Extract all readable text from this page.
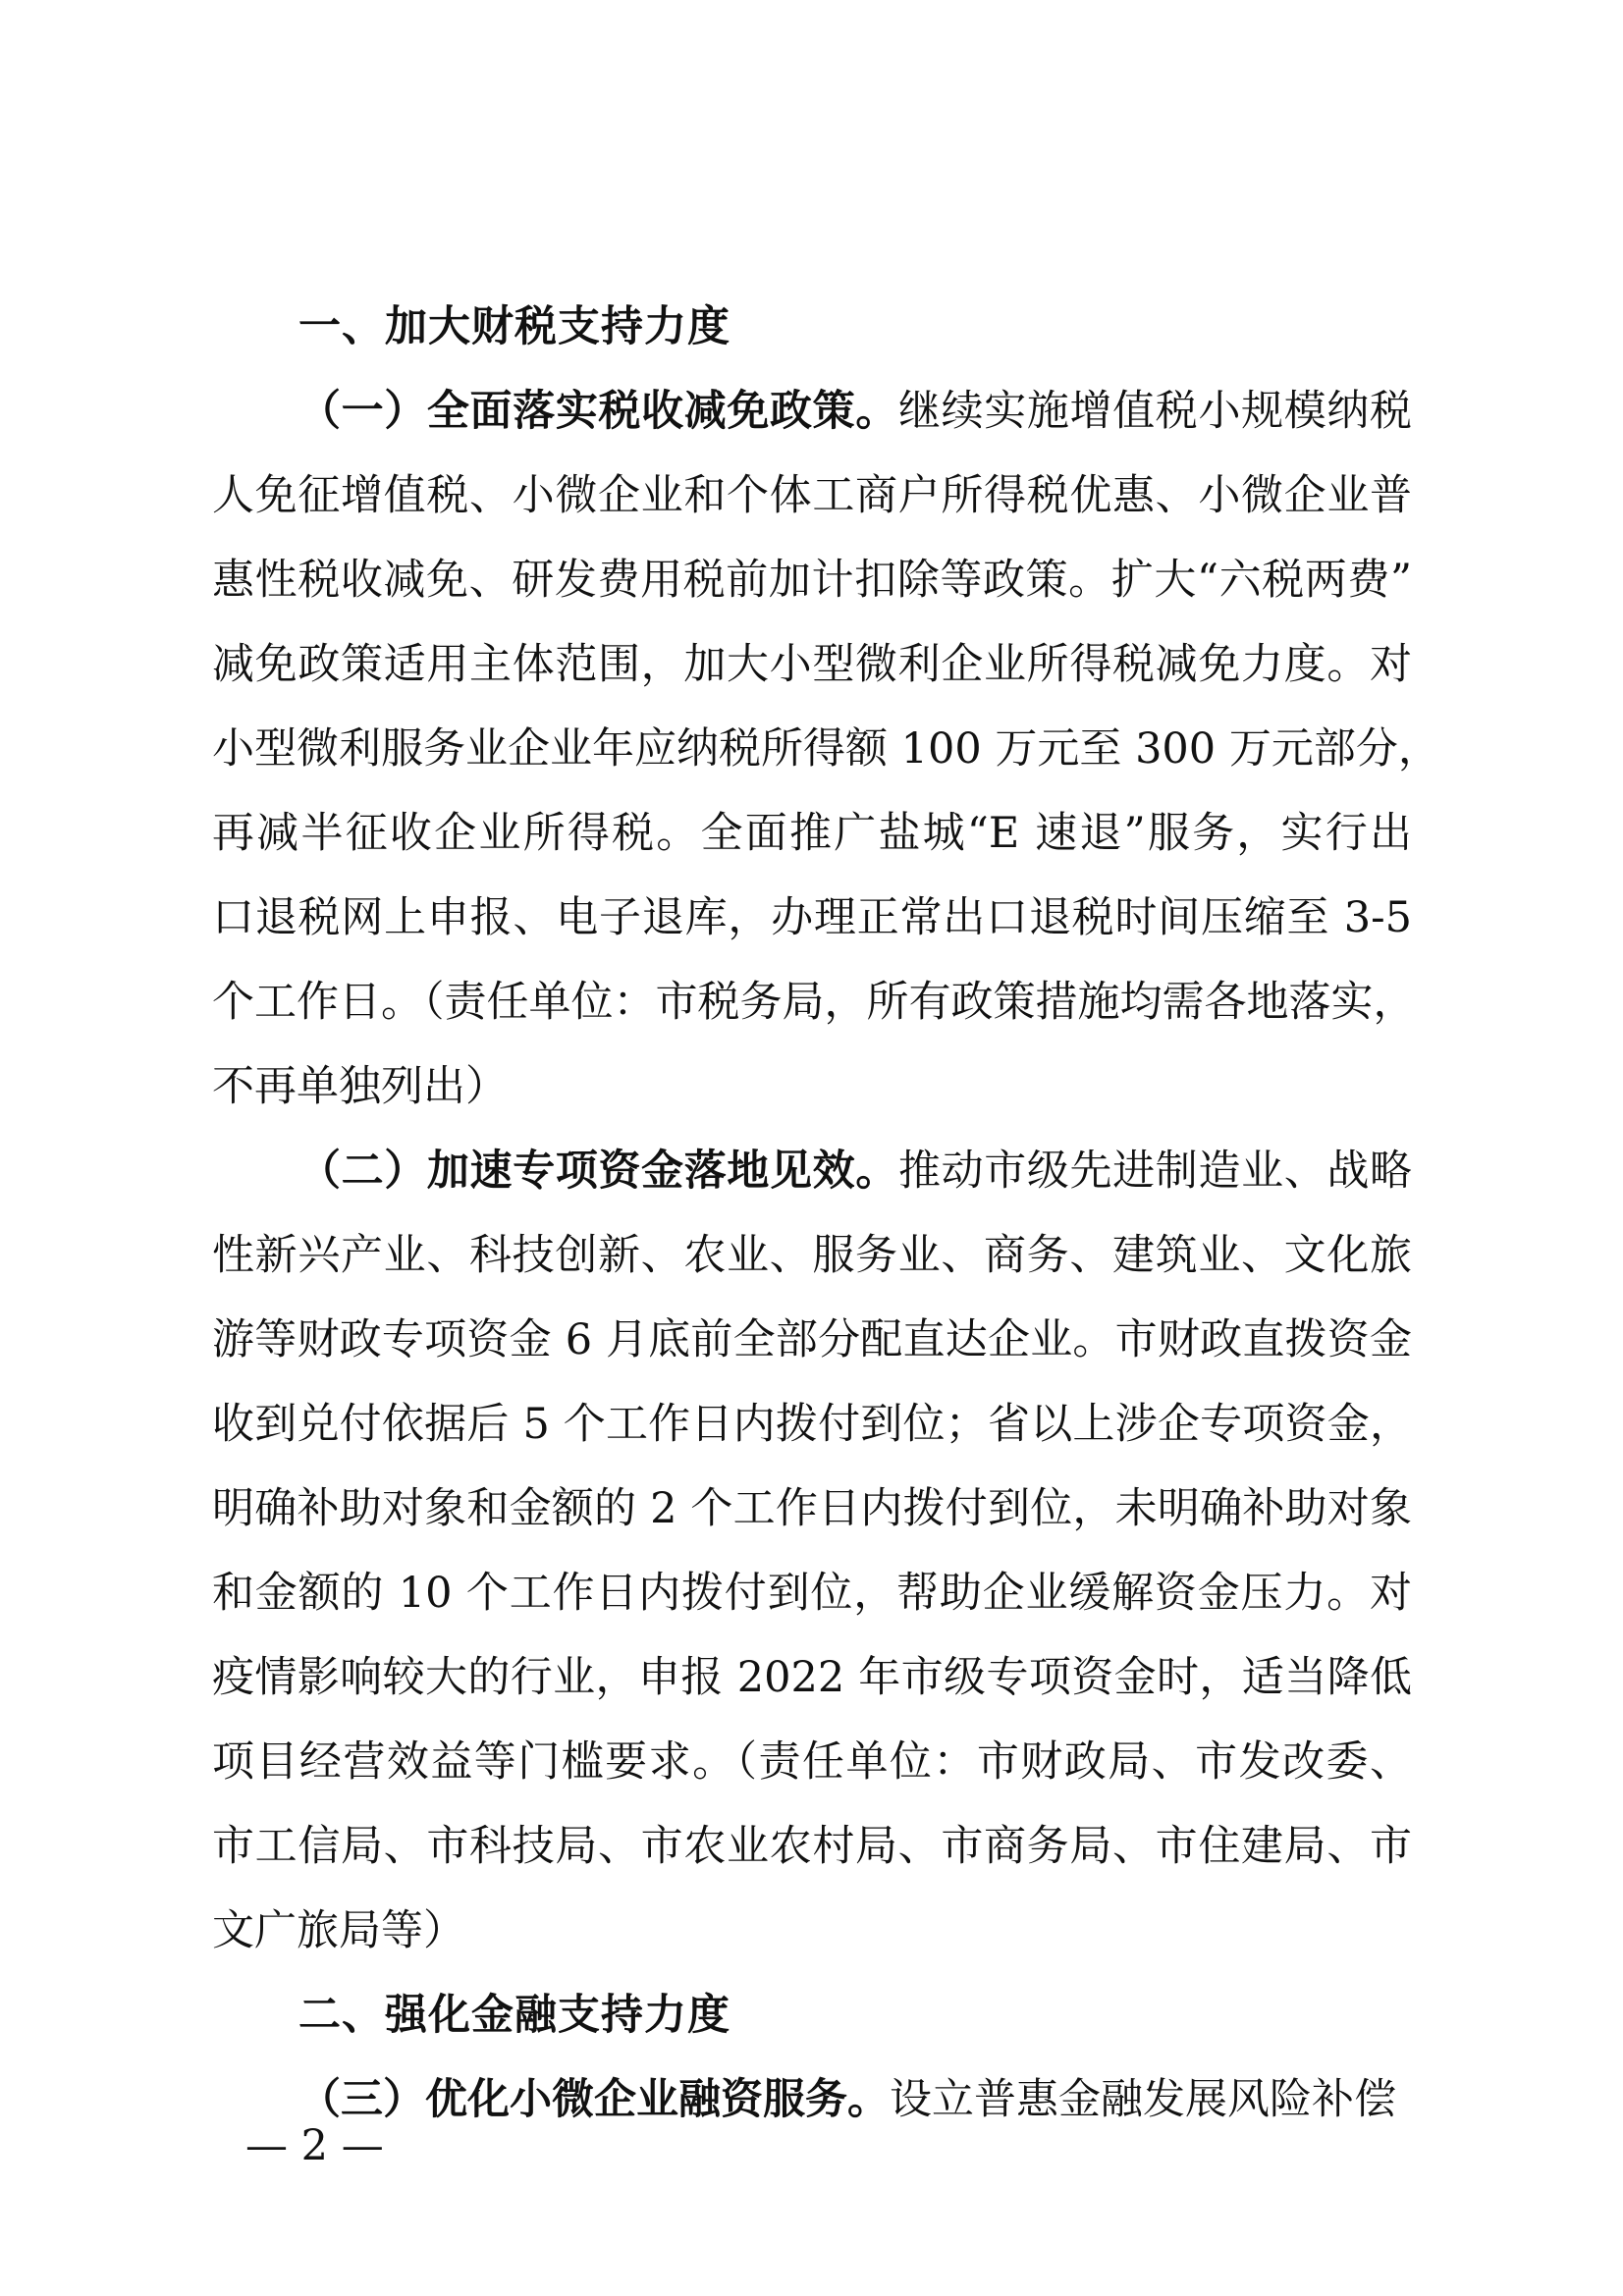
一、加大财税支持力度
（一）全面落实税收减免政策。继续实施增值税小规模纳税
人免征增值税、小微企业和个体工商户所得税优惠、小微企业普
惠性税收减免、研发费用税前加计扣除等政策。扩大“六税两费”
减免政策适用主体范围，加大小型微利企业所得税减免力度。对
小型微利服务业企业年应纳税所得额 100 万元至 300 万元部分，
再减半征收企业所得税。全面推广盐城“E 速退”服务，实行出
口退税网上申报、电子退库，办理正常出口退税时间压缩至 3-5
个工作日。（责任单位：市税务局，所有政策措施均需各地落实，
不再单独列出）
（二）加速专项资金落地见效。推动市级先进制造业、战略
性新兴产业、科技创新、农业、服务业、商务、建筑业、文化旅
游等财政专项资金 6 月底前全部分配直达企业。市财政直拨资金
收到兑付依据后 5 个工作日内拨付到位；省以上涉企专项资金，
明确补助对象和金额的 2 个工作日内拨付到位，未明确补助对象
和金额的 10 个工作日内拨付到位，帮助企业缓解资金压力。对
疫情影响较大的行业，申报 2022 年市级专项资金时，适当降低
项目经营效益等门槛要求。（责任单位：市财政局、市发改委、
市工信局、市科技局、市农业农村局、市商务局、市住建局、市
文广旅局等）
二、强化金融支持力度
（三）优化小微企业融资服务。设立普惠金融发展风险补偿
— 2 —
